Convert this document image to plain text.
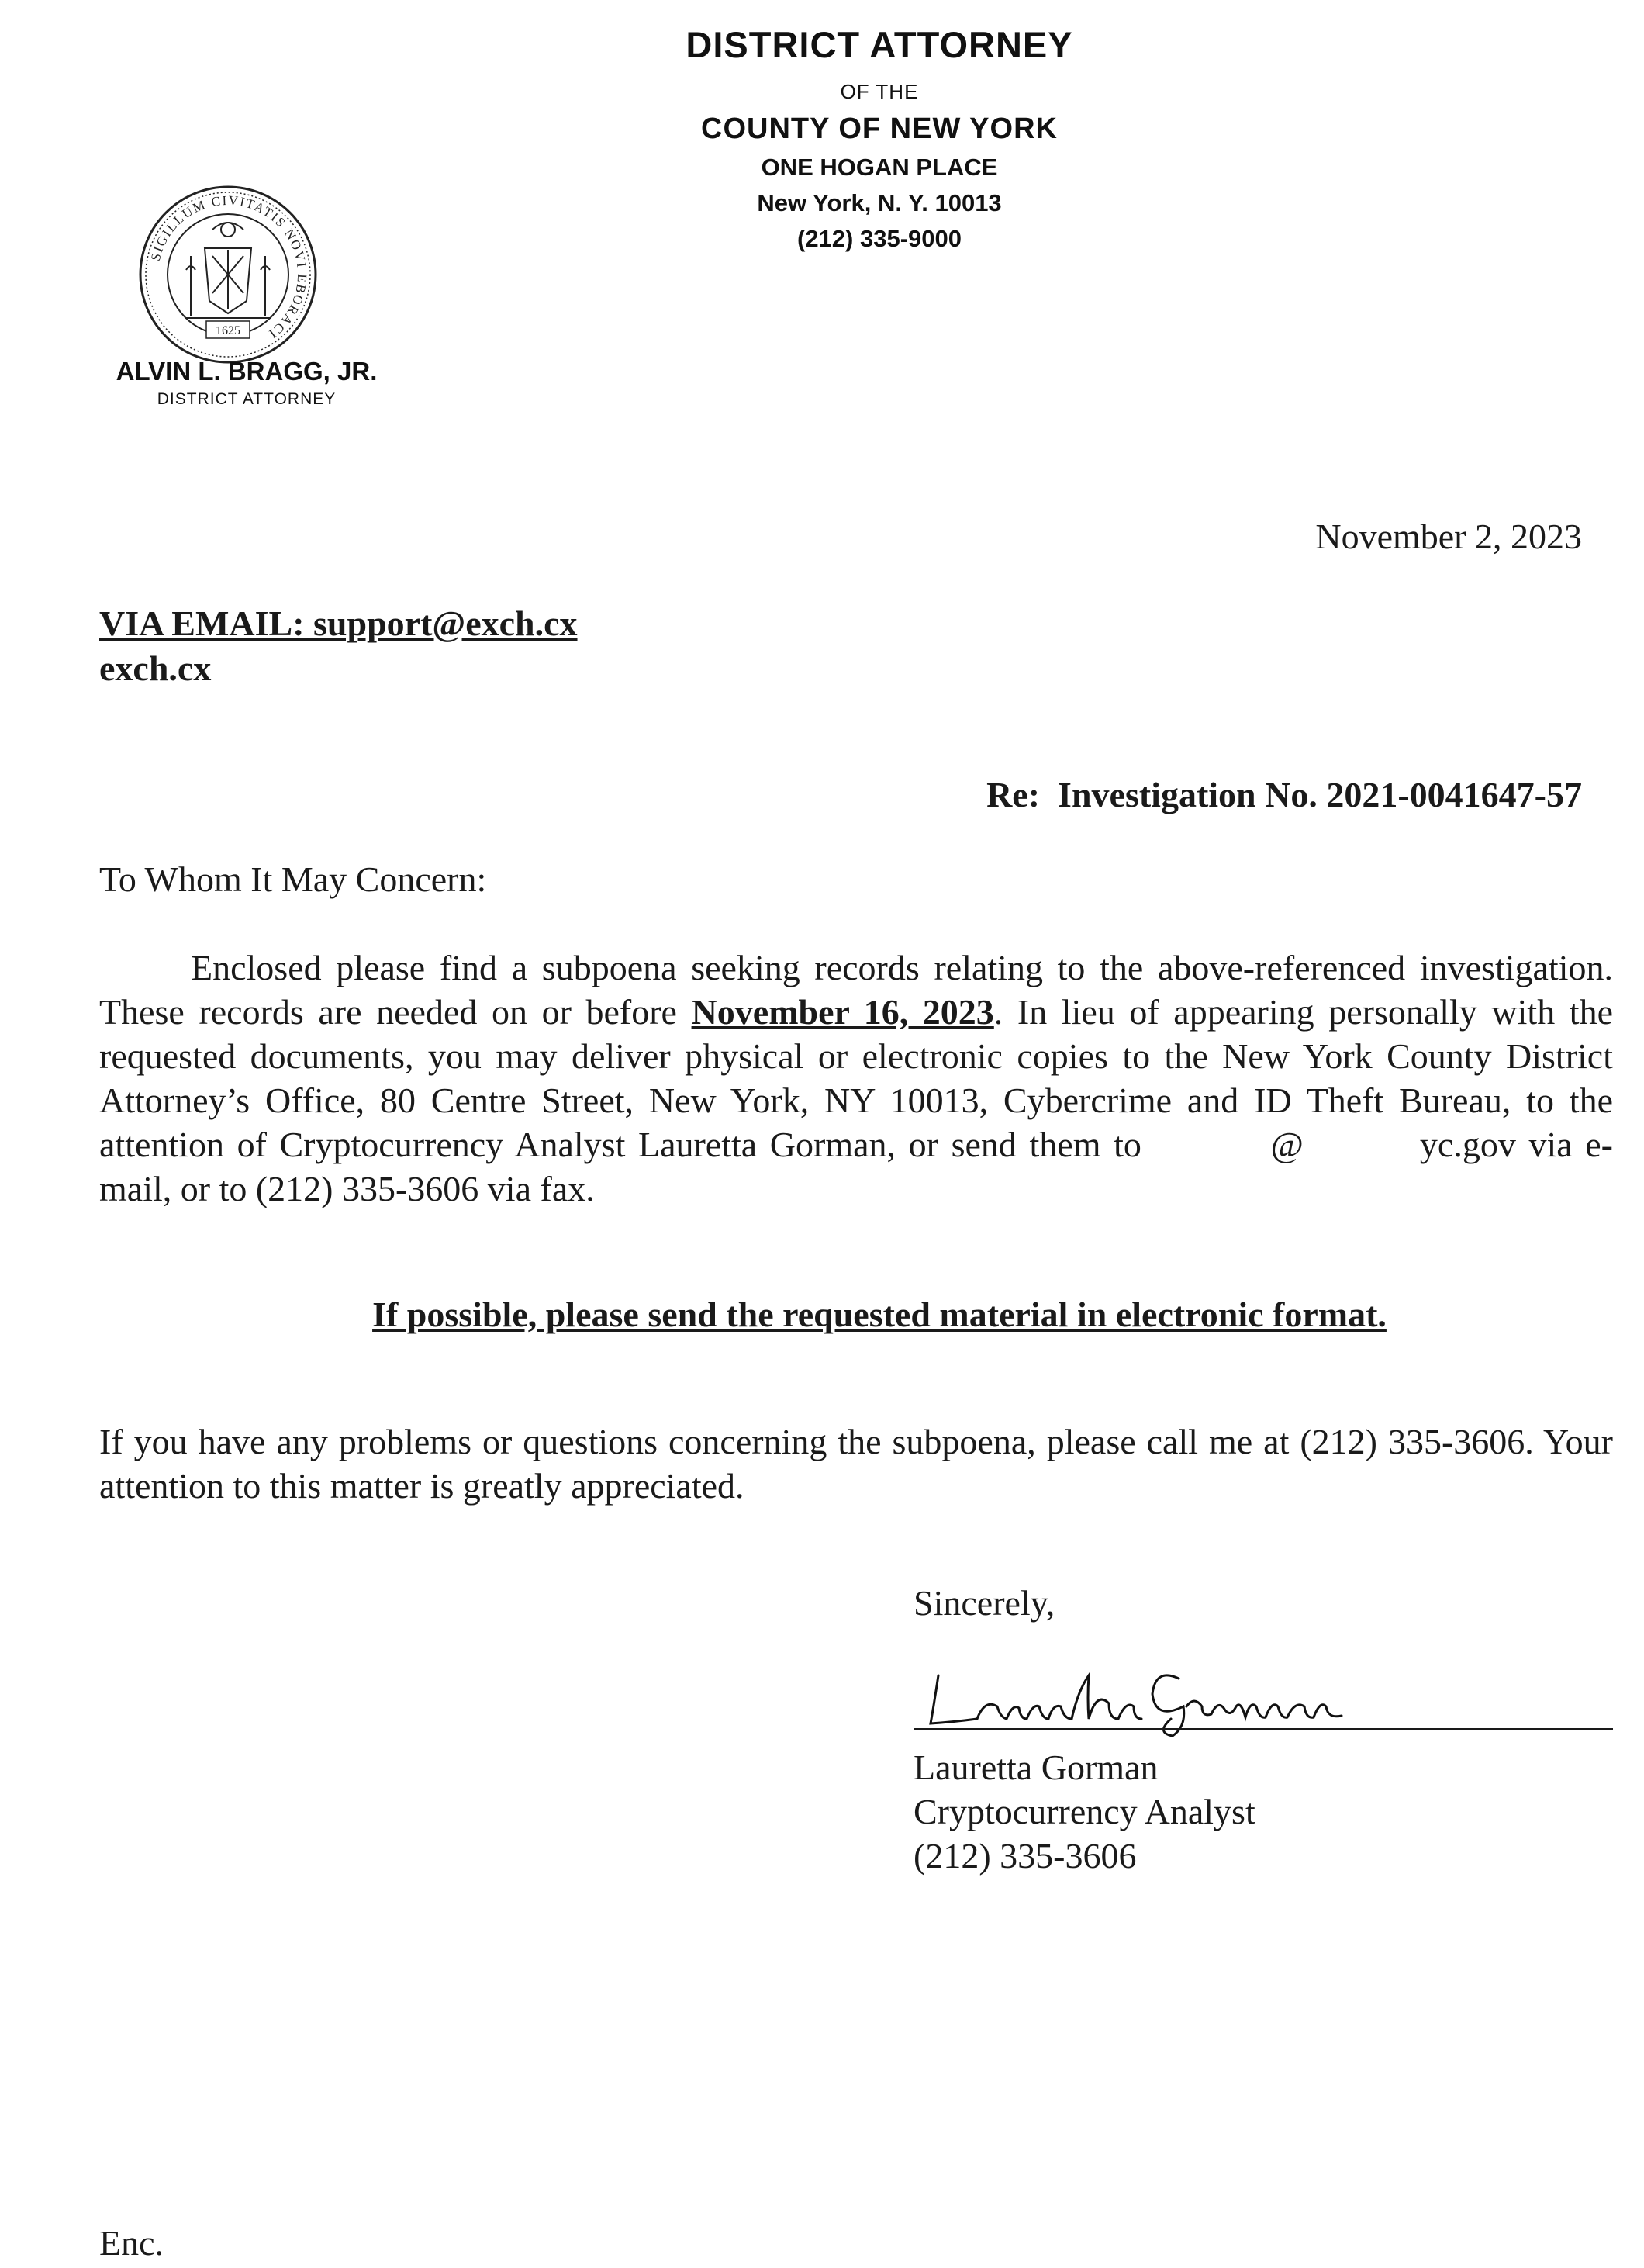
DISTRICT ATTORNEY
OF THE
COUNTY OF NEW YORK
ONE HOGAN PLACE
New York, N. Y. 10013
(212) 335-9000
SIGILLUM CIVITATIS NOVI EBORACI
1625
ALVIN L. BRAGG, JR.
DISTRICT ATTORNEY
November 2, 2023
VIA EMAIL: support@exch.cx
exch.cx
Re: Investigation No. 2021-0041647-57
To Whom It May Concern:
Enclosed please find a subpoena seeking records relating to the above-referenced investigation. These records are needed on or before November 16, 2023. In lieu of appearing personally with the requested documents, you may deliver physical or electronic copies to the New York County District Attorney’s Office, 80 Centre Street, New York, NY 10013, Cybercrime and ID Theft Bureau, to the attention of Cryptocurrency Analyst Lauretta Gorman, or send them to	@	yc.gov via e-mail, or to (212) 335-3606 via fax.
If possible, please send the requested material in electronic format.
If you have any problems or questions concerning the subpoena, please call me at (212) 335-3606. Your attention to this matter is greatly appreciated.
Sincerely,
Lauretta Gorman
Lauretta Gorman
Cryptocurrency Analyst
(212) 335-3606
Enc.
